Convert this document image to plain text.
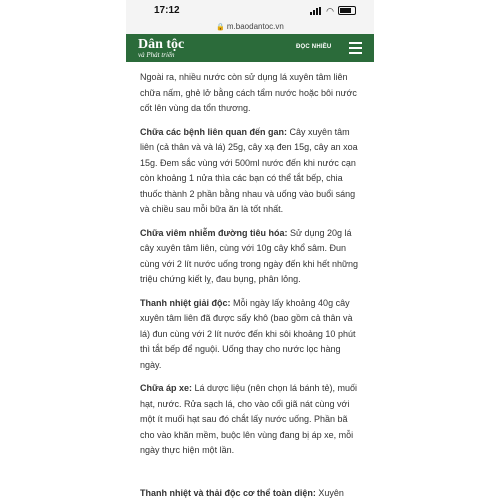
17:12	◠
🔒 m.baodantoc.vn
Dân tộc
và Phát triển
ĐỌC NHIỀU

Ngoài ra, nhiều nước còn sử dụng lá xuyên tâm liên chữa nấm, ghẻ lở bằng cách tẩm nước hoặc bôi nước cốt lên vùng da tổn thương.

Chữa các bệnh liên quan đến gan: Cây xuyên tâm liên (cả thân và và lá) 25g, cây xạ đen 15g, cây an xoa 15g. Đem sắc vùng với 500ml nước đến khi nước cạn còn khoảng 1 nửa thìa các bạn có thể tắt bếp, chia thuốc thành 2 phần bằng nhau và uống vào buổi sáng và chiều sau mỗi bữa ăn là tốt nhất.

Chữa viêm nhiễm đường tiêu hóa: Sử dụng 20g lá cây xuyên tâm liên, cùng với 10g cây khổ sâm. Đun cùng với 2 lít nước uống trong ngày đến khi hết những triệu chứng kiết lỵ, đau bụng, phân lỏng.

Thanh nhiệt giải độc: Mỗi ngày lấy khoảng 40g cây xuyên tâm liên đã được sấy khô (bao gồm cả thân và lá) đun cùng với 2 lít nước đến khi sôi khoảng 10 phút thì tắt bếp để nguội. Uống thay cho nước lọc hàng ngày.

Chữa áp xe: Lá dược liệu (nên chọn lá bánh tẻ), muối hạt, nước. Rửa sạch lá, cho vào cối giã nát cùng với một ít muối hạt sau đó chắt lấy nước uống. Phần bã cho vào khăn mềm, buộc lên vùng đang bị áp xe, mỗi ngày thực hiện một lần.

Thanh nhiệt và thải độc cơ thể toàn diện: Xuyên
